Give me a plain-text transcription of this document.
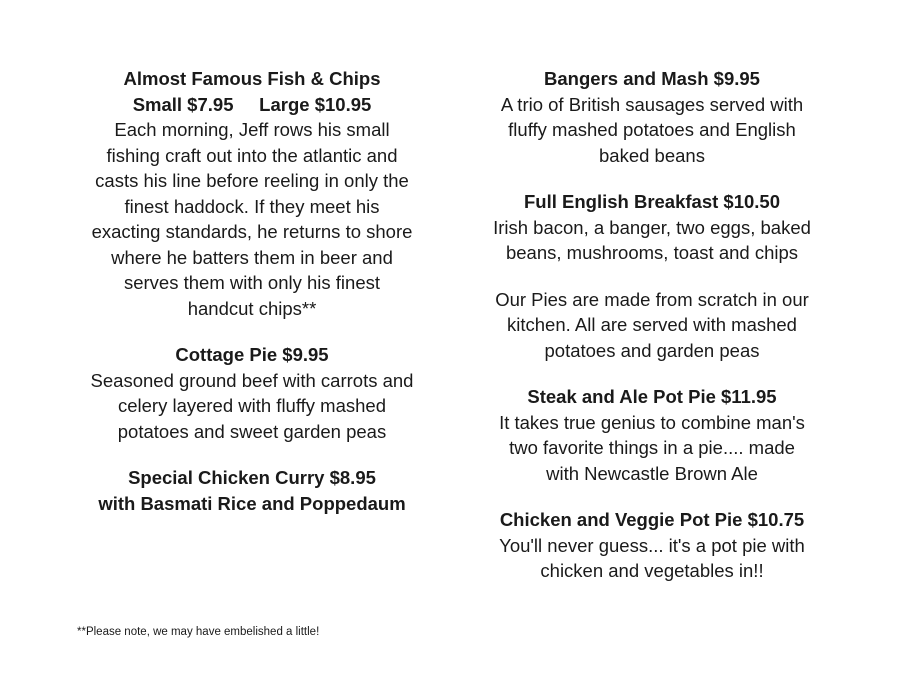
Almost Famous Fish & Chips
Small $7.95     Large $10.95
Each morning, Jeff rows his small
fishing craft out into the atlantic and
casts his line before reeling in only the
finest haddock. If they meet his
exacting standards, he returns to shore
where he batters them in beer and
serves them with only his finest
handcut chips**
Cottage Pie $9.95
Seasoned ground beef with carrots and
celery layered with fluffy mashed
potatoes and sweet garden peas
Special Chicken Curry $8.95
with Basmati Rice and Poppedaum
Bangers and Mash $9.95
A trio of British sausages served with
fluffy mashed potatoes and English
baked beans
Full English Breakfast $10.50
Irish bacon, a banger, two eggs, baked
beans, mushrooms, toast and chips
Our Pies are made from scratch in our
kitchen. All are served with mashed
potatoes and garden peas
Steak and Ale Pot Pie $11.95
It takes true genius to combine man's
two favorite things in a pie.... made
with Newcastle Brown Ale
Chicken and Veggie Pot Pie $10.75
You'll never guess... it's a pot pie with
chicken and vegetables in!!
**Please note, we may have embelished a little!
